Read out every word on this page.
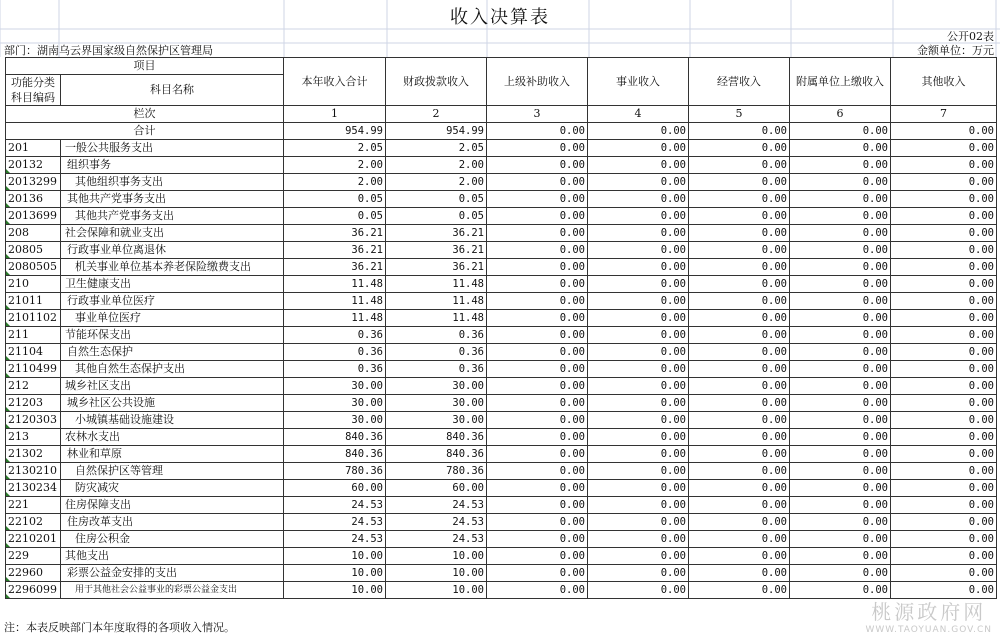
收入决算表
公开02表
部门：湖南乌云界国家级自然保护区管理局	金额单位：万元
项目		本年收入合计	财政拨款收入	上级补助收入	事业收入	经营收入	附属单位上缴收入	其他收入
功能分类科目编码	科目名称							
栏次		1	2	3	4	5	6	7
合计		954.99	954.99	0.00	0.00	0.00	0.00	0.00
201	一般公共服务支出	2.05	2.05	0.00	0.00	0.00	0.00	0.00
20132	组织事务	2.00	2.00	0.00	0.00	0.00	0.00	0.00
2013299	其他组织事务支出	2.00	2.00	0.00	0.00	0.00	0.00	0.00
20136	其他共产党事务支出	0.05	0.05	0.00	0.00	0.00	0.00	0.00
2013699	其他共产党事务支出	0.05	0.05	0.00	0.00	0.00	0.00	0.00
208	社会保障和就业支出	36.21	36.21	0.00	0.00	0.00	0.00	0.00
20805	行政事业单位离退休	36.21	36.21	0.00	0.00	0.00	0.00	0.00
2080505	机关事业单位基本养老保险缴费支出	36.21	36.21	0.00	0.00	0.00	0.00	0.00
210	卫生健康支出	11.48	11.48	0.00	0.00	0.00	0.00	0.00
21011	行政事业单位医疗	11.48	11.48	0.00	0.00	0.00	0.00	0.00
2101102	事业单位医疗	11.48	11.48	0.00	0.00	0.00	0.00	0.00
211	节能环保支出	0.36	0.36	0.00	0.00	0.00	0.00	0.00
21104	自然生态保护	0.36	0.36	0.00	0.00	0.00	0.00	0.00
2110499	其他自然生态保护支出	0.36	0.36	0.00	0.00	0.00	0.00	0.00
212	城乡社区支出	30.00	30.00	0.00	0.00	0.00	0.00	0.00
21203	城乡社区公共设施	30.00	30.00	0.00	0.00	0.00	0.00	0.00
2120303	小城镇基础设施建设	30.00	30.00	0.00	0.00	0.00	0.00	0.00
213	农林水支出	840.36	840.36	0.00	0.00	0.00	0.00	0.00
21302	林业和草原	840.36	840.36	0.00	0.00	0.00	0.00	0.00
2130210	自然保护区等管理	780.36	780.36	0.00	0.00	0.00	0.00	0.00
2130234	防灾减灾	60.00	60.00	0.00	0.00	0.00	0.00	0.00
221	住房保障支出	24.53	24.53	0.00	0.00	0.00	0.00	0.00
22102	住房改革支出	24.53	24.53	0.00	0.00	0.00	0.00	0.00
2210201	住房公积金	24.53	24.53	0.00	0.00	0.00	0.00	0.00
229	其他支出	10.00	10.00	0.00	0.00	0.00	0.00	0.00
22960	彩票公益金安排的支出	10.00	10.00	0.00	0.00	0.00	0.00	0.00
2296099	用于其他社会公益事业的彩票公益金支出	10.00	10.00	0.00	0.00	0.00	0.00	0.00
注：本表反映部门本年度取得的各项收入情况。
桃源政府网
WWW.TAOYUAN.GOV.CN
